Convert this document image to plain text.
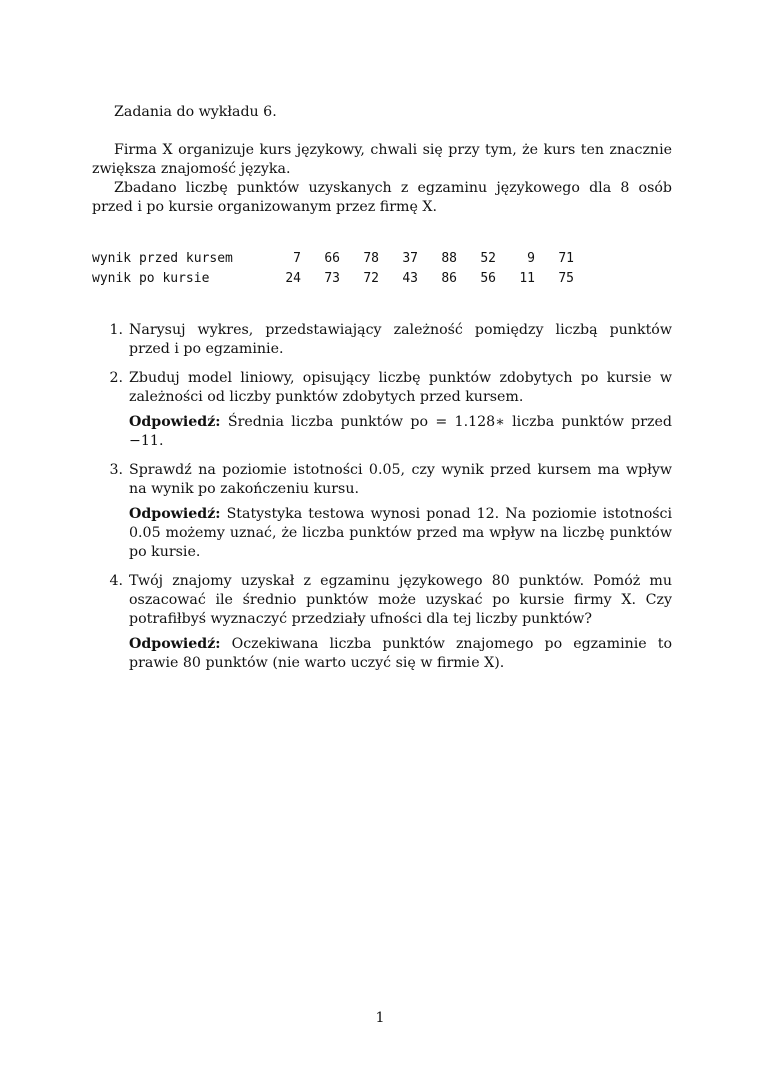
Zadania do wykładu 6.

Firma X organizuje kurs językowy, chwali się przy tym, że kurs ten znacznie zwiększa znajomość języka.

Zbadano liczbę punktów uzyskanych z egzaminu językowego dla 8 osób przed i po kursie organizowanym przez firmę X.

wynik przed kursem	7	66	78	37	88	52	9	71
wynik po kursie	24	73	72	43	86	56	11	75
1. Narysuj wykres, przedstawiający zależność pomiędzy liczbą punktów przed i po egzaminie.

2. Zbuduj model liniowy, opisujący liczbę punktów zdobytych po kursie w zależności od liczby punktów zdobytych przed kursem.

Odpowiedź: Średnia liczba punktów po = 1.128∗ liczba punktów przed −11.

3. Sprawdź na poziomie istotności 0.05, czy wynik przed kursem ma wpływ na wynik po zakończeniu kursu.

Odpowiedź: Statystyka testowa wynosi ponad 12. Na poziomie istotności 0.05 możemy uznać, że liczba punktów przed ma wpływ na liczbę punktów po kursie.

4. Twój znajomy uzyskał z egzaminu językowego 80 punktów. Pomóż mu oszacować ile średnio punktów może uzyskać po kursie firmy X. Czy potrafiłbyś wyznaczyć przedziały ufności dla tej liczby punktów?

Odpowiedź: Oczekiwana liczba punktów znajomego po egzaminie to prawie 80 punktów (nie warto uczyć się w firmie X).

1
